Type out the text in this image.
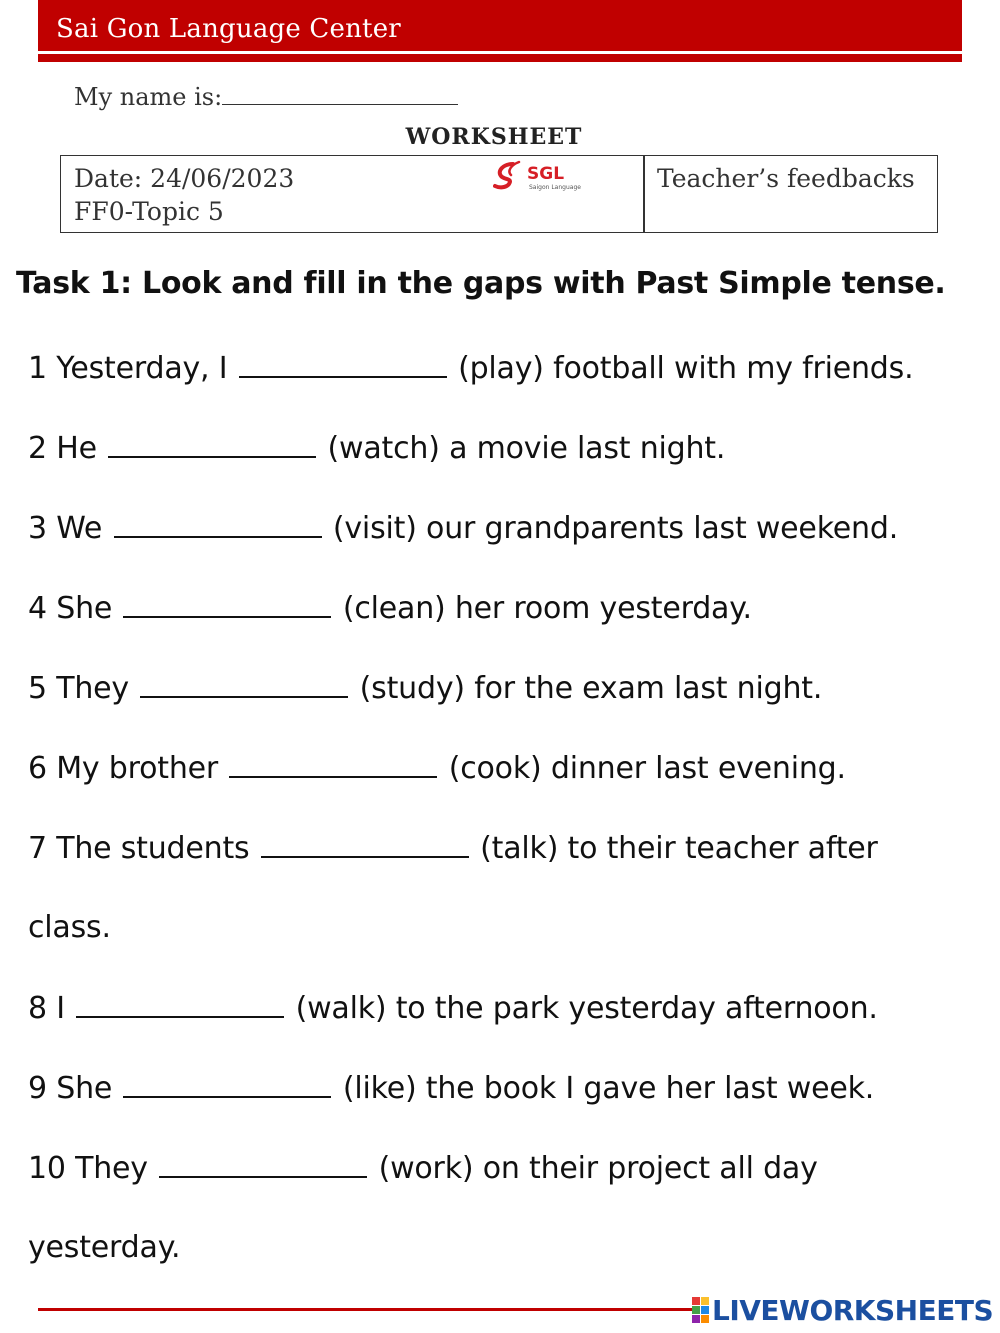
Sai Gon Language Center
My name is:
WORKSHEET
Date: 24/06/2023
FF0-Topic 5
SGL
Saigon Language	Teacher’s feedbacks
Task 1: Look and fill in the gaps with Past Simple tense.
1 Yesterday, I	(play) football with my friends.
2 He	(watch) a movie last night.
3 We	(visit) our grandparents last weekend.
4 She	(clean) her room yesterday.
5 They	(study) for the exam last night.
6 My brother	(cook) dinner last evening.
7 The students	(talk) to their teacher after
class.
8 I	(walk) to the park yesterday afternoon.
9 She	(like) the book I gave her last week.
10 They	(work) on their project all day
yesterday.
LIVEWORKSHEETS
